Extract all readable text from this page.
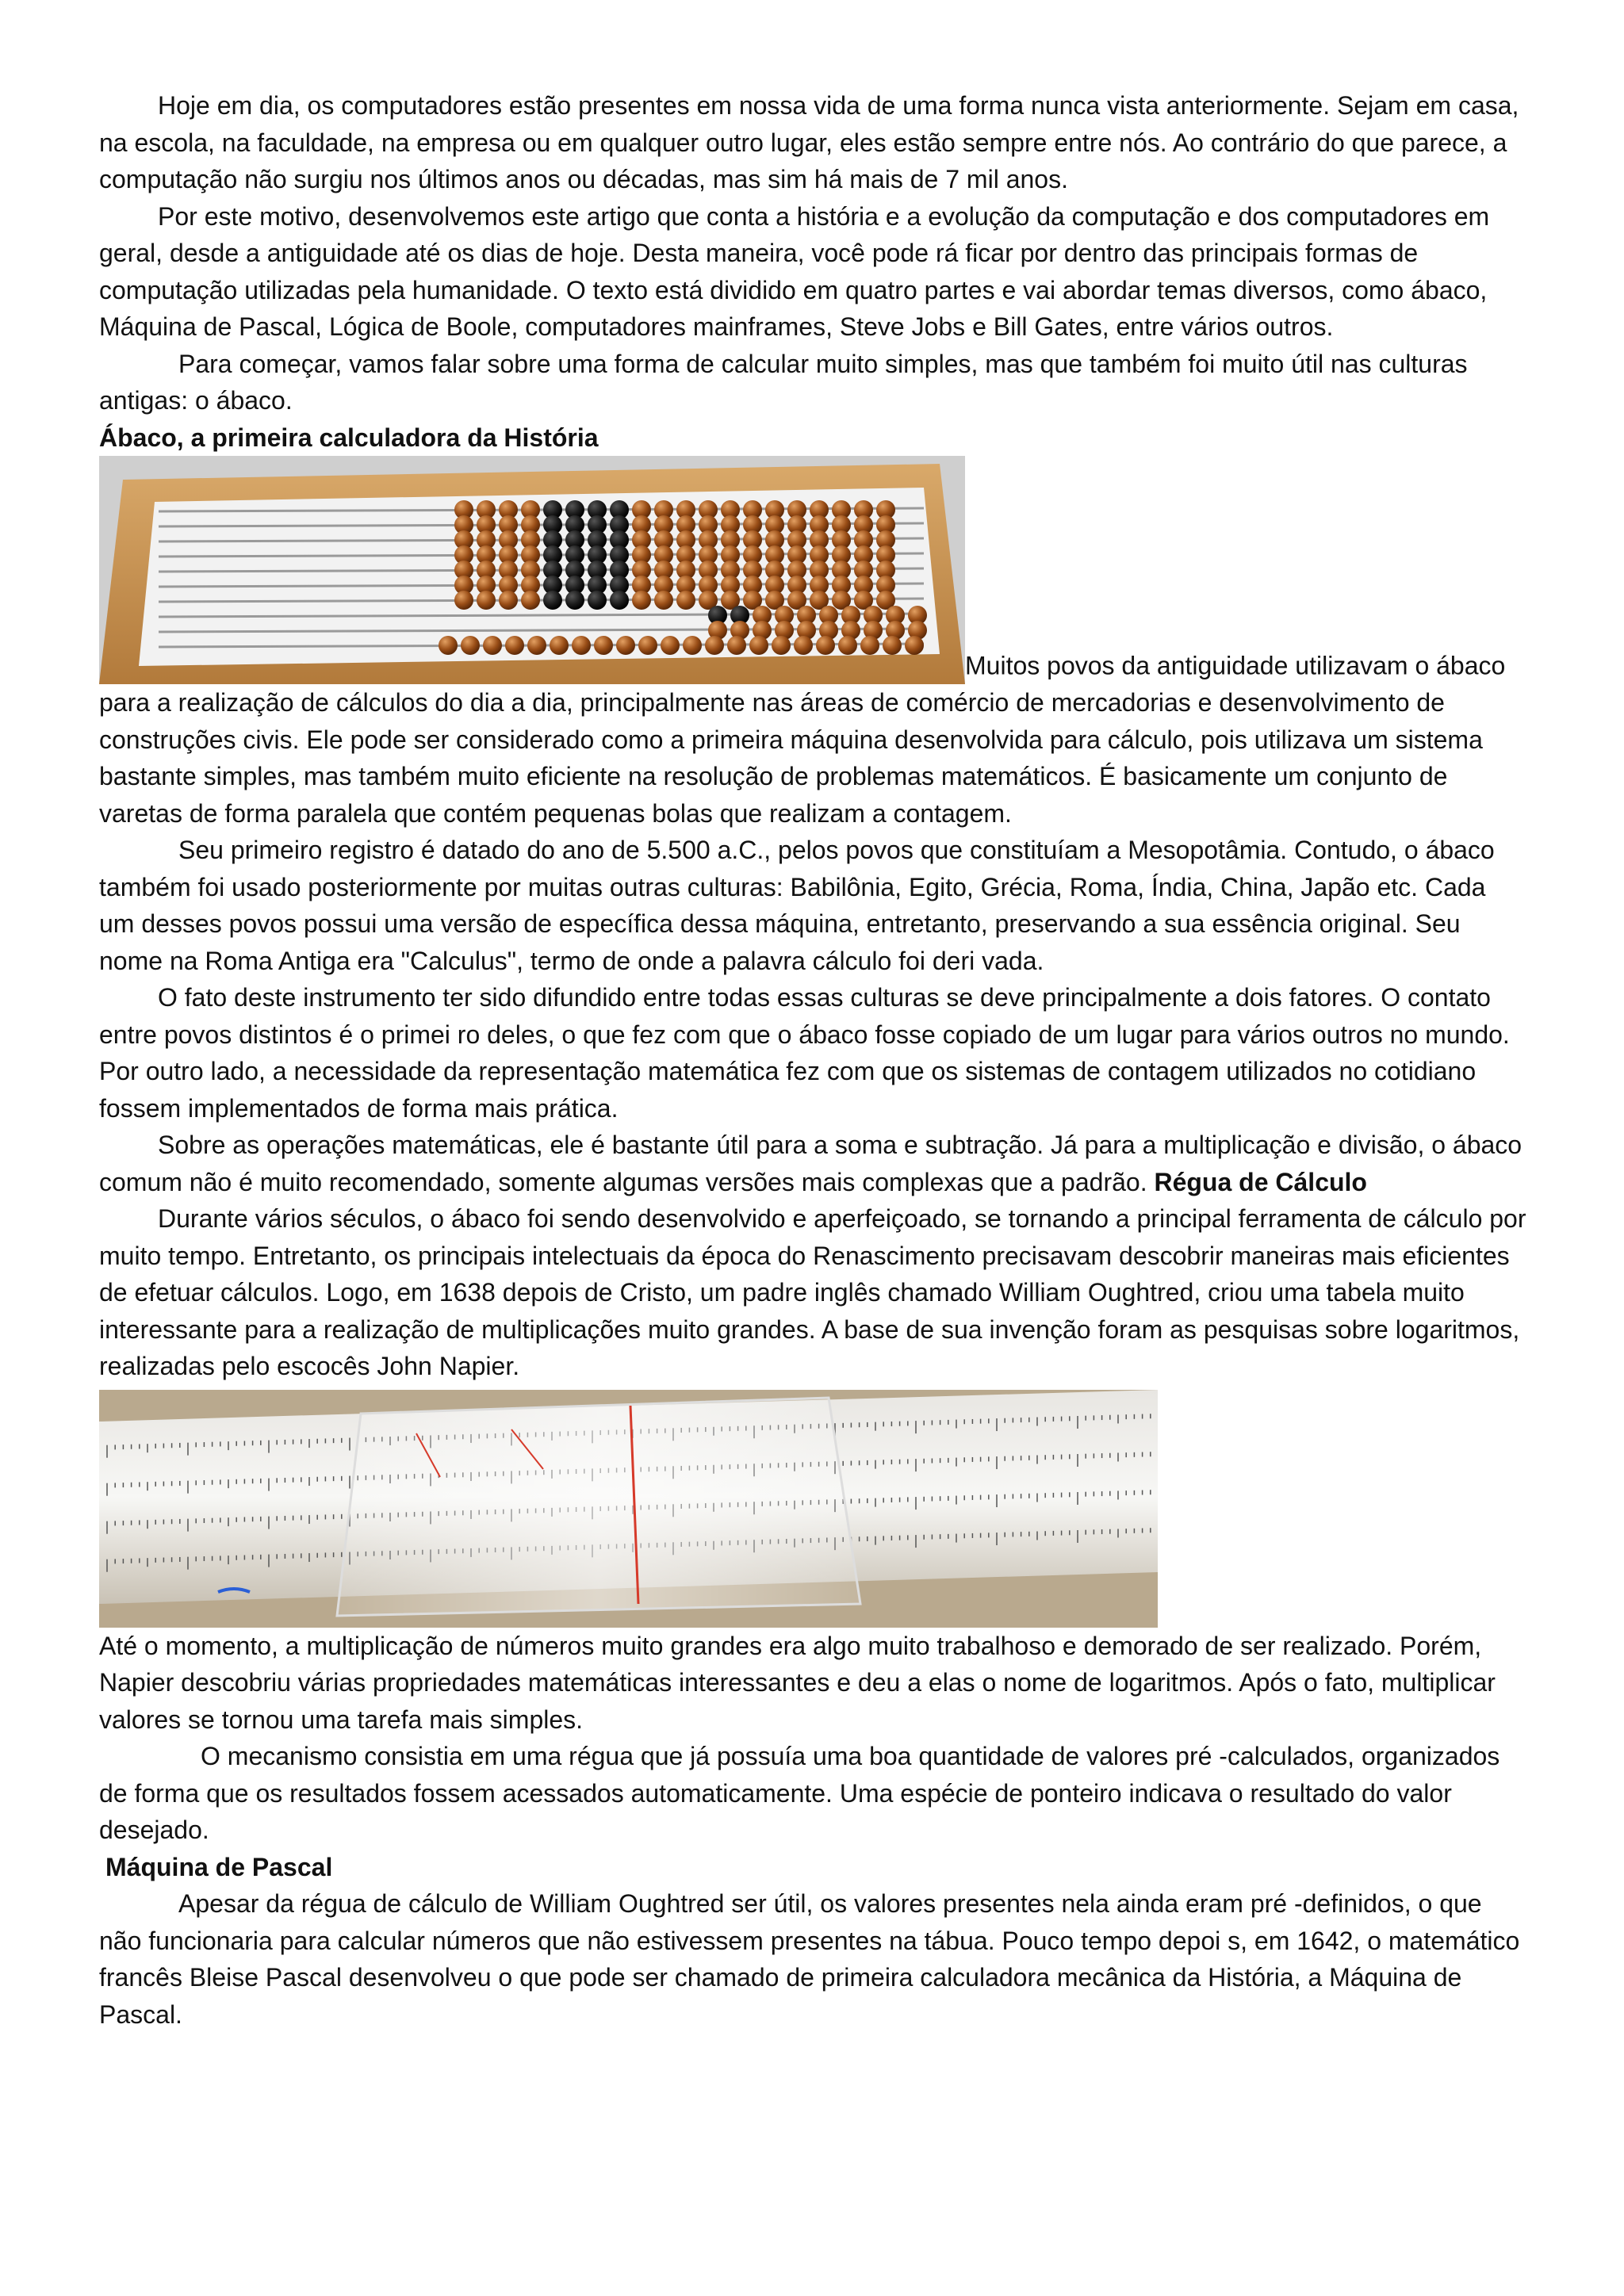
Hoje em dia, os computadores estão presentes em nossa vida de uma forma nunca vista anteriormente. Sejam em casa, na escola, na faculdade, na empresa ou em qualquer outro lugar, eles estão sempre entre nós. Ao contrário do que parece, a computação não surgiu nos últimos anos ou décadas, mas sim há mais de 7 mil anos.

Por este motivo, desenvolvemos este artigo que conta a história e a evolução da computação e dos computadores em geral, desde a antiguidade até os dias de hoje. Desta maneira, você pode rá ficar por dentro das principais formas de computação utilizadas pela humanidade. O texto está dividido em quatro partes e vai abordar temas diversos, como ábaco, Máquina de Pascal, Lógica de Boole, computadores mainframes, Steve Jobs e Bill Gates, entre vários outros.

Para começar, vamos falar sobre uma forma de calcular muito simples, mas que também foi muito útil nas culturas antigas: o ábaco.

Ábaco, a primeira calculadora da História

Muitos povos da antiguidade utilizavam o ábaco para a realização de cálculos do dia a dia, principalmente nas áreas de comércio de mercadorias e desenvolvimento de construções civis. Ele pode ser considerado como a primeira máquina desenvolvida para cálculo, pois utilizava um sistema bastante simples, mas também muito eficiente na resolução de problemas matemáticos. É basicamente um conjunto de varetas de forma paralela que contém pequenas bolas que realizam a contagem.

Seu primeiro registro é datado do ano de 5.500 a.C., pelos povos que constituíam a Mesopotâmia. Contudo, o ábaco também foi usado posteriormente por muitas outras culturas: Babilônia, Egito, Grécia, Roma, Índia, China, Japão etc. Cada um desses povos possui uma versão de específica dessa máquina, entretanto, preservando a sua essência original. Seu nome na Roma Antiga era "Calculus", termo de onde a palavra cálculo foi deri vada.

O fato deste instrumento ter sido difundido entre todas essas culturas se deve principalmente a dois fatores. O contato entre povos distintos é o primei ro deles, o que fez com que o ábaco fosse copiado de um lugar para vários outros no mundo. Por outro lado, a necessidade da representação matemática fez com que os sistemas de contagem utilizados no cotidiano fossem implementados de forma mais prática.

Sobre as operações matemáticas, ele é bastante útil para a soma e subtração. Já para a multiplicação e divisão, o ábaco comum não é muito recomendado, somente algumas versões mais complexas que a padrão. Régua de Cálculo

Durante vários séculos, o ábaco foi sendo desenvolvido e aperfeiçoado, se tornando a principal ferramenta de cálculo por muito tempo. Entretanto, os principais intelectuais da época do Renascimento precisavam descobrir maneiras mais eficientes de efetuar cálculos. Logo, em 1638 depois de Cristo, um padre inglês chamado William Oughtred, criou uma tabela muito interessante para a realização de multiplicações muito grandes. A base de sua invenção foram as pesquisas sobre logaritmos, realizadas pelo escocês John Napier.

Até o momento, a multiplicação de números muito grandes era algo muito trabalhoso e demorado de ser realizado. Porém, Napier descobriu várias propriedades matemáticas interessantes e deu a elas o nome de logaritmos. Após o fato, multiplicar valores se tornou uma tarefa mais simples.

O mecanismo consistia em uma régua que já possuía uma boa quantidade de valores pré -calculados, organizados de forma que os resultados fossem acessados automaticamente. Uma espécie de ponteiro indicava o resultado do valor desejado.

Máquina de Pascal

Apesar da régua de cálculo de William Oughtred ser útil, os valores presentes nela ainda eram pré -definidos, o que não funcionaria para calcular números que não estivessem presentes na tábua. Pouco tempo depoi s, em 1642, o matemático francês Bleise Pascal desenvolveu o que pode ser chamado de primeira calculadora mecânica da História, a Máquina de Pascal.
